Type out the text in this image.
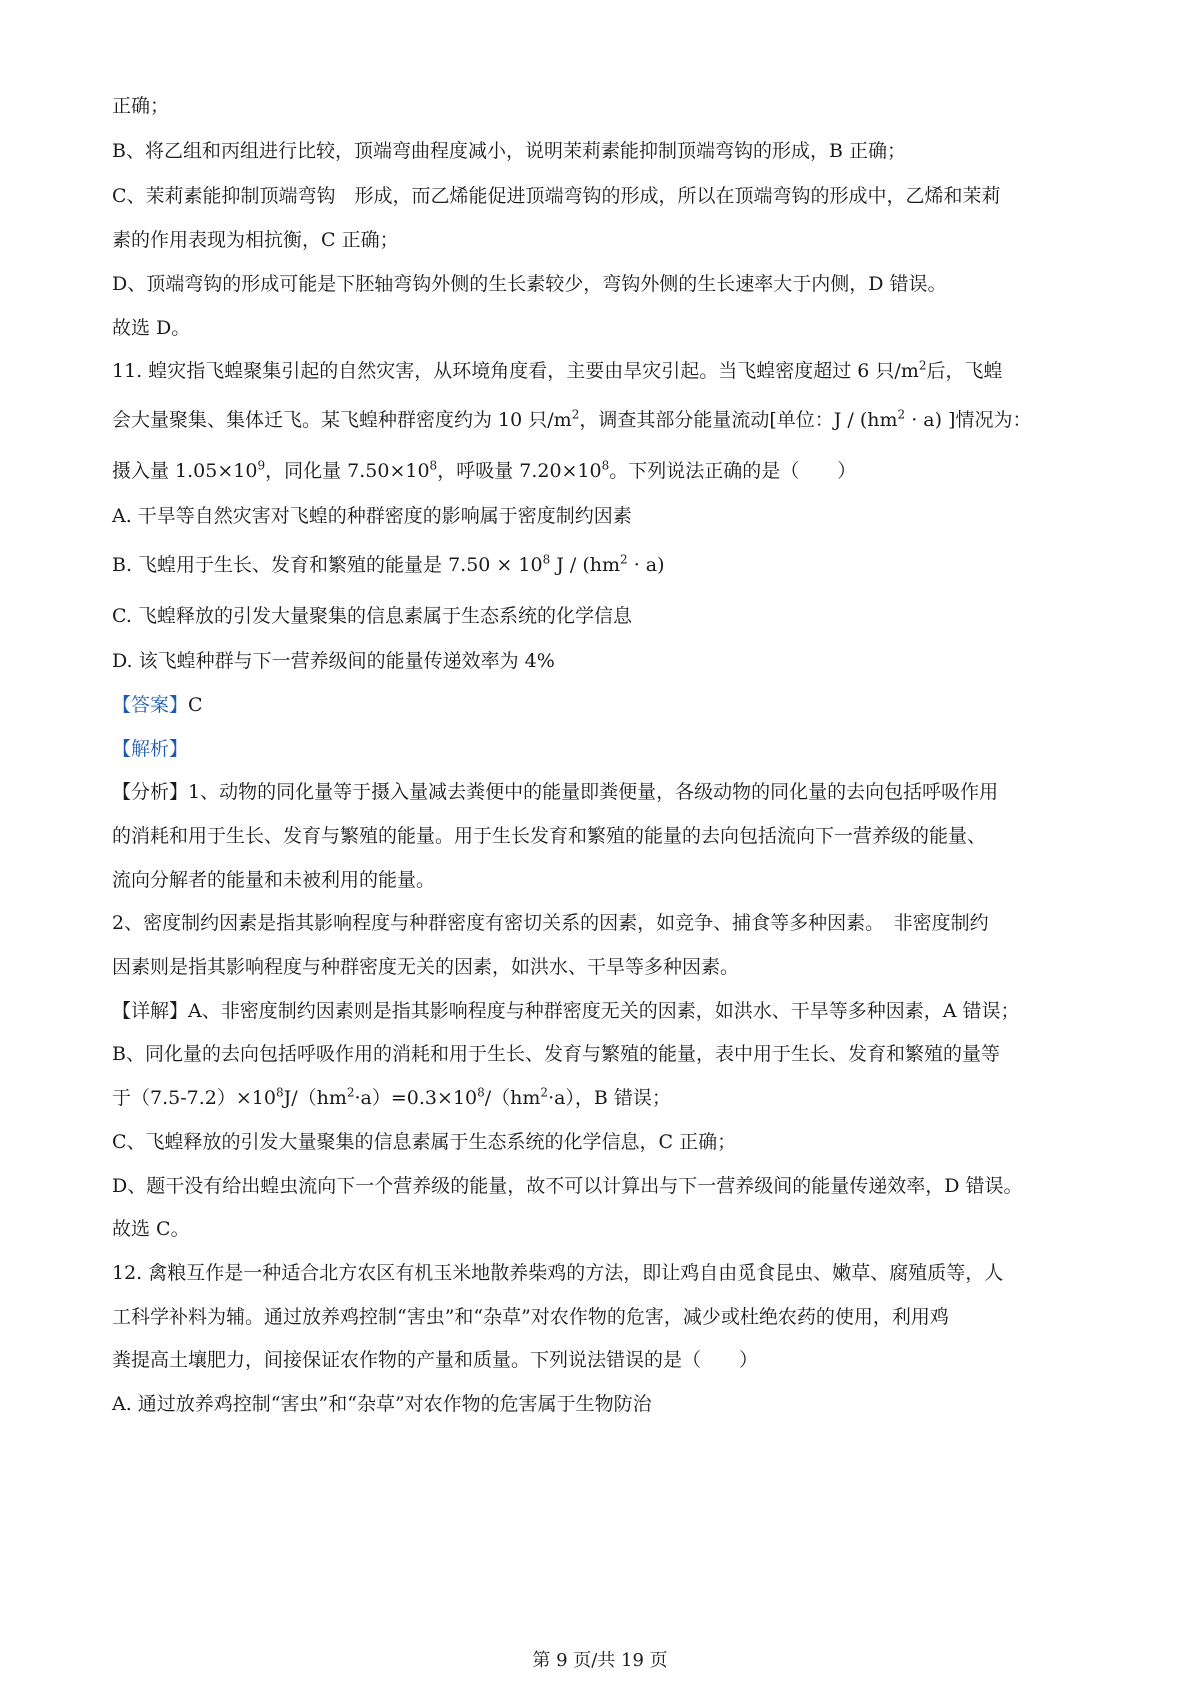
正确；
B、将乙组和丙组进行比较，顶端弯曲程度减小，说明茉莉素能抑制顶端弯钩的形成，B 正确；
C、茉莉素能抑制顶端弯钩　形成，而乙烯能促进顶端弯钩的形成，所以在顶端弯钩的形成中，乙烯和茉莉
素的作用表现为相抗衡，C 正确；
D、顶端弯钩的形成可能是下胚轴弯钩外侧的生长素较少，弯钩外侧的生长速率大于内侧，D 错误。
故选 D。
11. 蝗灾指飞蝗聚集引起的自然灾害，从环境角度看，主要由旱灾引起。当飞蝗密度超过 6 只$/m^2$后，飞蝗
会大量聚集、集体迁飞。某飞蝗种群密度约为 10 只$/m^2$，调查其部分能量流动[单位：$J / (hm^2 \cdot a)$ ]情况为：
摄入量 $1.05\times 10^9$，同化量 $7.50\times 10^8$，呼吸量 $7.20\times 10^8$。下列说法正确的是（　　）
A. 干旱等自然灾害对飞蝗的种群密度的影响属于密度制约因素
B. 飞蝗用于生长、发育和繁殖的能量是 $7.50 \times 10^8$ $J / (hm^2 \cdot a)$
C. 飞蝗释放的引发大量聚集的信息素属于生态系统的化学信息
D. 该飞蝗种群与下一营养级间的能量传递效率为 4%
【答案】C
【解析】
【分析】1、动物的同化量等于摄入量减去粪便中的能量即粪便量，各级动物的同化量的去向包括呼吸作用
的消耗和用于生长、发育与繁殖的能量。用于生长发育和繁殖的能量的去向包括流向下一营养级的能量、
流向分解者的能量和未被利用的能量。
2、密度制约因素是指其影响程度与种群密度有密切关系的因素，如竞争、捕食等多种因素。　非密度制约
因素则是指其影响程度与种群密度无关的因素，如洪水、干旱等多种因素。
【详解】A、非密度制约因素则是指其影响程度与种群密度无关的因素，如洪水、干旱等多种因素，A 错误；
B、同化量的去向包括呼吸作用的消耗和用于生长、发育与繁殖的能量，表中用于生长、发育和繁殖的量等
于$(7.5-7.2)\times 10^8J/(hm^2\cdot a)=0.3\times 10^8/(hm^2\cdot a)$，B 错误；
C、飞蝗释放的引发大量聚集的信息素属于生态系统的化学信息，C 正确；
D、题干没有给出蝗虫流向下一个营养级的能量，故不可以计算出与下一营养级间的能量传递效率，D 错误。
故选 C。
12. 禽粮互作是一种适合北方农区有机玉米地散养柴鸡的方法，即让鸡自由觅食昆虫、嫩草、腐殖质等，人
工科学补料为辅。通过放养鸡控制“害虫”和“杂草”对农作物的危害，减少或杜绝农药的使用，利用鸡
粪提高土壤肥力，间接保证农作物的产量和质量。下列说法错误的是（　　）
A. 通过放养鸡控制“害虫”和“杂草”对农作物的危害属于生物防治
第 9 页/共 19 页
